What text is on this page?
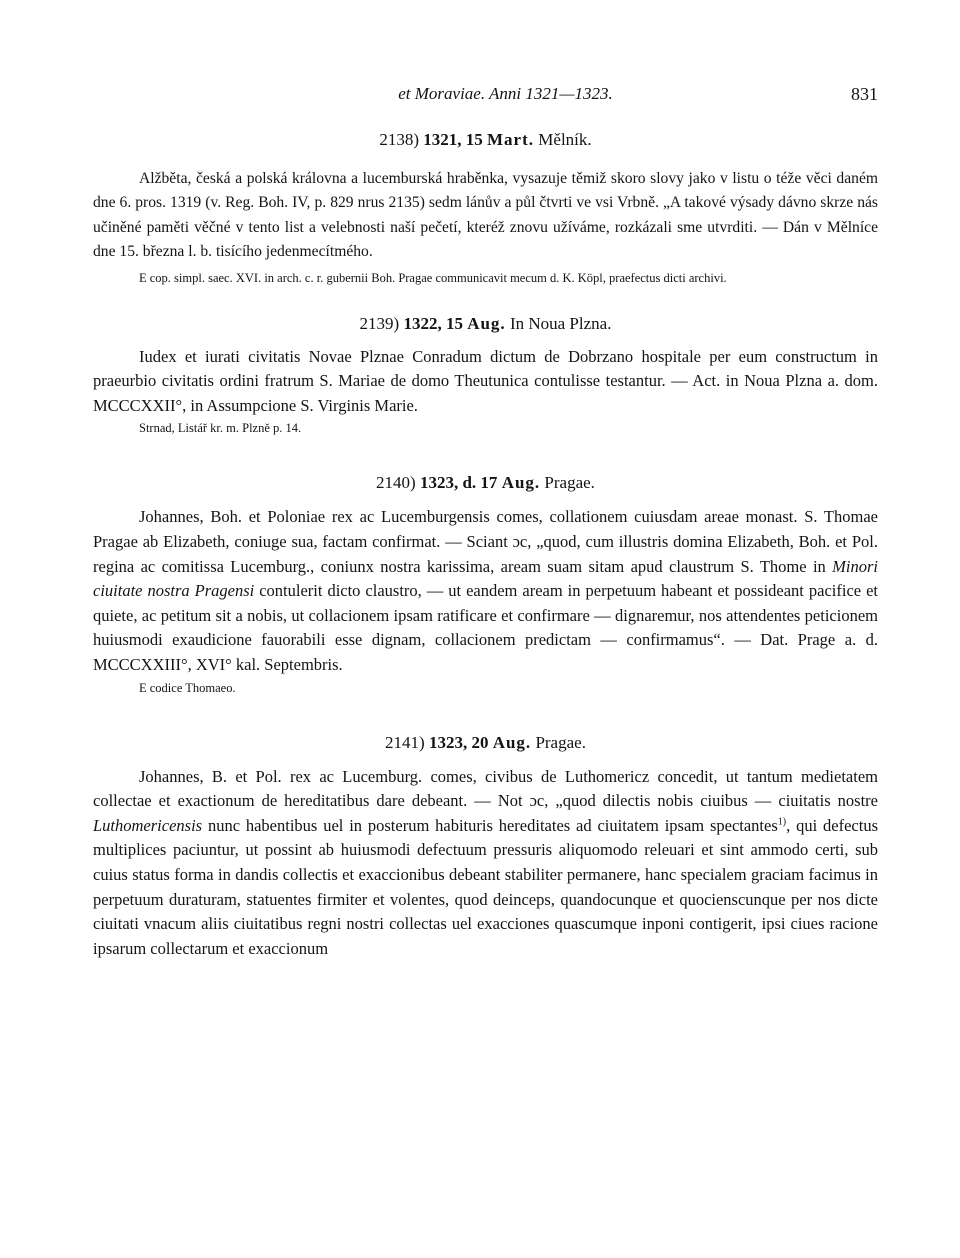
et Moraviae. Anni 1321—1323.	831
2138) 1321, 15 Mart. Mělník.

Alžběta, česká a polská královna a lucemburská hraběnka, vysazuje těmiž skoro slovy jako v listu o téže věci daném dne 6. pros. 1319 (v. Reg. Boh. IV, p. 829 nrus 2135) sedm lánův a půl čtvrti ve vsi Vrbně. „A takové výsady dávno skrze nás učiněné paměti věčné v tento list a velebnosti naší pečetí, kteréž znovu užíváme, rozkázali sme utvrditi. — Dán v Mělníce dne 15. března l. b. tisícího jedenmecítmého.

E cop. simpl. saec. XVI. in arch. c. r. gubernii Boh. Pragae communicavit mecum d. K. Köpl, praefectus dicti archivi.

2139) 1322, 15 Aug. In Noua Plzna.

Iudex et iurati civitatis Novae Plznae Conradum dictum de Dobrzano hospitale per eum constructum in praeurbio civitatis ordini fratrum S. Mariae de domo Theutunica contulisse testantur. — Act. in Noua Plzna a. dom. MCCCXXII°, in Assumpcione S. Virginis Marie.

Strnad, Listář kr. m. Plzně p. 14.

2140) 1323, d. 17 Aug. Pragae.

Johannes, Boh. et Poloniae rex ac Lucemburgensis comes, collationem cuiusdam areae monast. S. Thomae Pragae ab Elizabeth, coniuge sua, factam confirmat. — Sciant ɔc, „quod, cum illustris domina Elizabeth, Boh. et Pol. regina ac comitissa Lucemburg., coniunx nostra karissima, aream suam sitam apud claustrum S. Thome in Minori ciuitate nostra Pragensi contulerit dicto claustro, — ut eandem aream in perpetuum habeant et possideant pacifice et quiete, ac petitum sit a nobis, ut collacionem ipsam ratificare et confirmare — dignaremur, nos attendentes peticionem huiusmodi exaudicione fauorabili esse dignam, collacionem predictam — confirmamus“. — Dat. Prage a. d. MCCCXXIII°, XVI° kal. Septembris.

E codice Thomaeo.

2141) 1323, 20 Aug. Pragae.

Johannes, B. et Pol. rex ac Lucemburg. comes, civibus de Luthomericz concedit, ut tantum medietatem collectae et exactionum de hereditatibus dare debeant. — Not ɔc, „quod dilectis nobis ciuibus — ciuitatis nostre Luthomericensis nunc habentibus uel in posterum habituris hereditates ad ciuitatem ipsam spectantes$^{1)}$, qui defectus multiplices paciuntur, ut possint ab huiusmodi defectuum pressuris aliquomodo releuari et sint ammodo certi, sub cuius status forma in dandis collectis et exaccionibus debeant stabiliter permanere, hanc specialem graciam facimus in perpetuum duraturam, statuentes firmiter et volentes, quod deinceps, quandocunque et quocienscunque per nos dicte ciuitati vnacum aliis ciuitatibus regni nostri collectas uel exacciones quascumque inponi contigerit, ipsi ciues racione ipsarum collectarum et exaccionum
